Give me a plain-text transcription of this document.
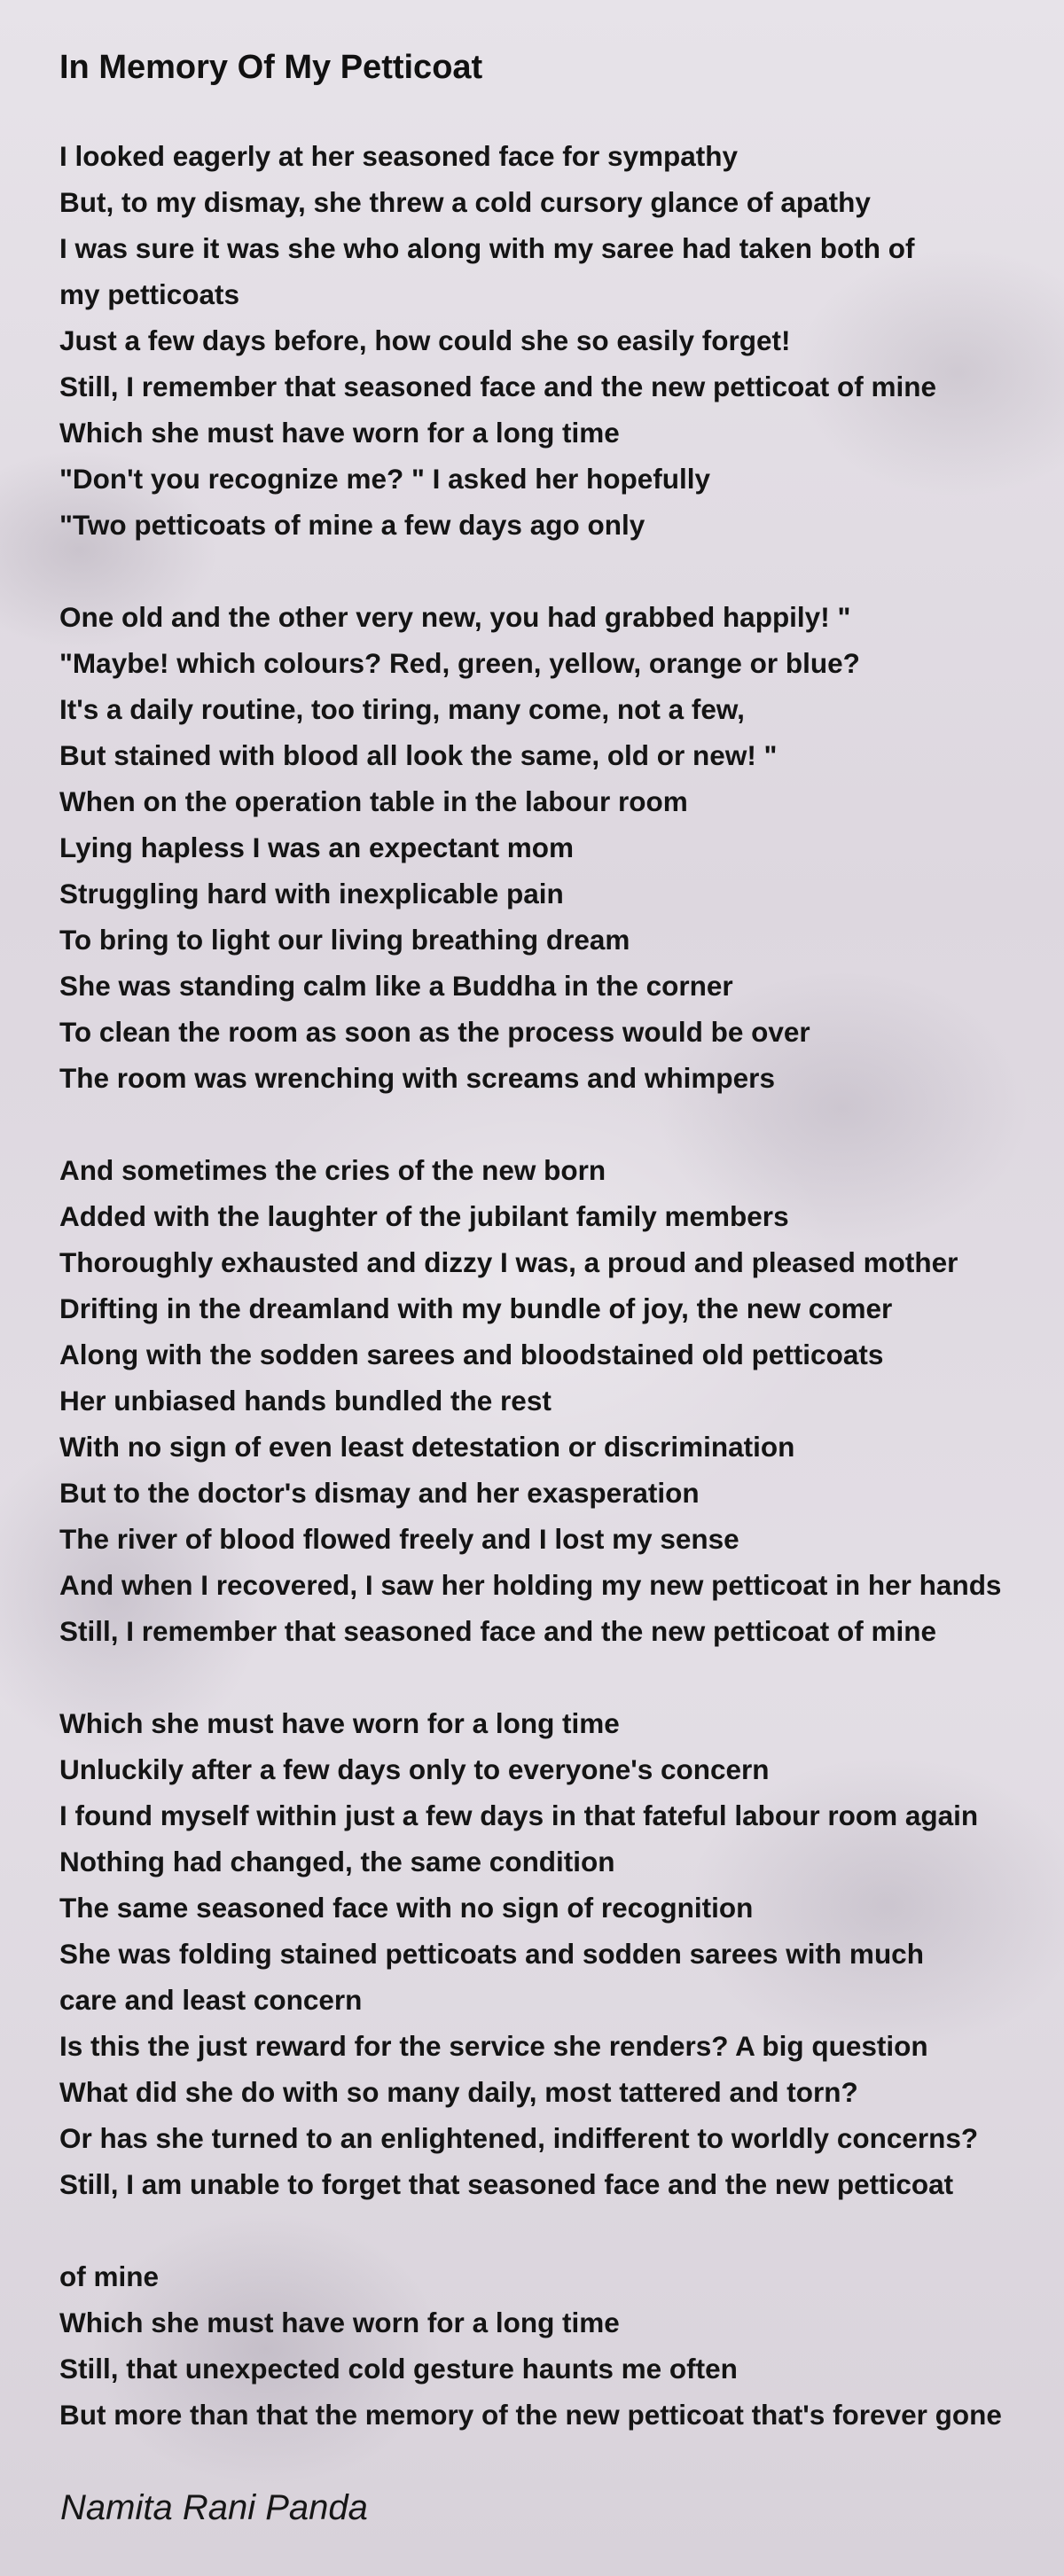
In Memory Of My Petticoat
I looked eagerly at her seasoned face for sympathy
But, to my dismay, she threw a cold cursory glance of apathy
I was sure it was she who along with my saree had taken both of
my petticoats
Just a few days before, how could she so easily forget!
Still, I remember that seasoned face and the new petticoat of mine
Which she must have worn for a long time
"Don't you recognize me? " I asked her hopefully
"Two petticoats of mine a few days ago only
One old and the other very new, you had grabbed happily! "
"Maybe! which colours? Red, green, yellow, orange or blue?
It's a daily routine, too tiring, many come, not a few,
But stained with blood all look the same, old or new! "
When on the operation table in the labour room
Lying hapless I was an expectant mom
Struggling hard with inexplicable pain
To bring to light our living breathing dream
She was standing calm like a Buddha in the corner
To clean the room as soon as the process would be over
The room was wrenching with screams and whimpers
And sometimes the cries of the new born
Added with the laughter of the jubilant family members
Thoroughly exhausted and dizzy I was, a proud and pleased mother
Drifting in the dreamland with my bundle of joy, the new comer
Along with the sodden sarees and bloodstained old petticoats
Her unbiased hands bundled the rest
With no sign of even least detestation or discrimination
But to the doctor's dismay and her exasperation
The river of blood flowed freely and I lost my sense
And when I recovered, I saw her holding my new petticoat in her hands
Still, I remember that seasoned face and the new petticoat of mine
Which she must have worn for a long time
Unluckily after a few days only to everyone's concern
I found myself within just a few days in that fateful labour room again
Nothing had changed, the same condition
The same seasoned face with no sign of recognition
She was folding stained petticoats and sodden sarees with much
care and least concern
Is this the just reward for the service she renders? A big question
What did she do with so many daily, most tattered and torn?
Or has she turned to an enlightened, indifferent to worldly concerns?
Still, I am unable to forget that seasoned face and the new petticoat
of mine
Which she must have worn for a long time
Still, that unexpected cold gesture haunts me often
But more than that the memory of the new petticoat that's forever gone

Namita Rani Panda
